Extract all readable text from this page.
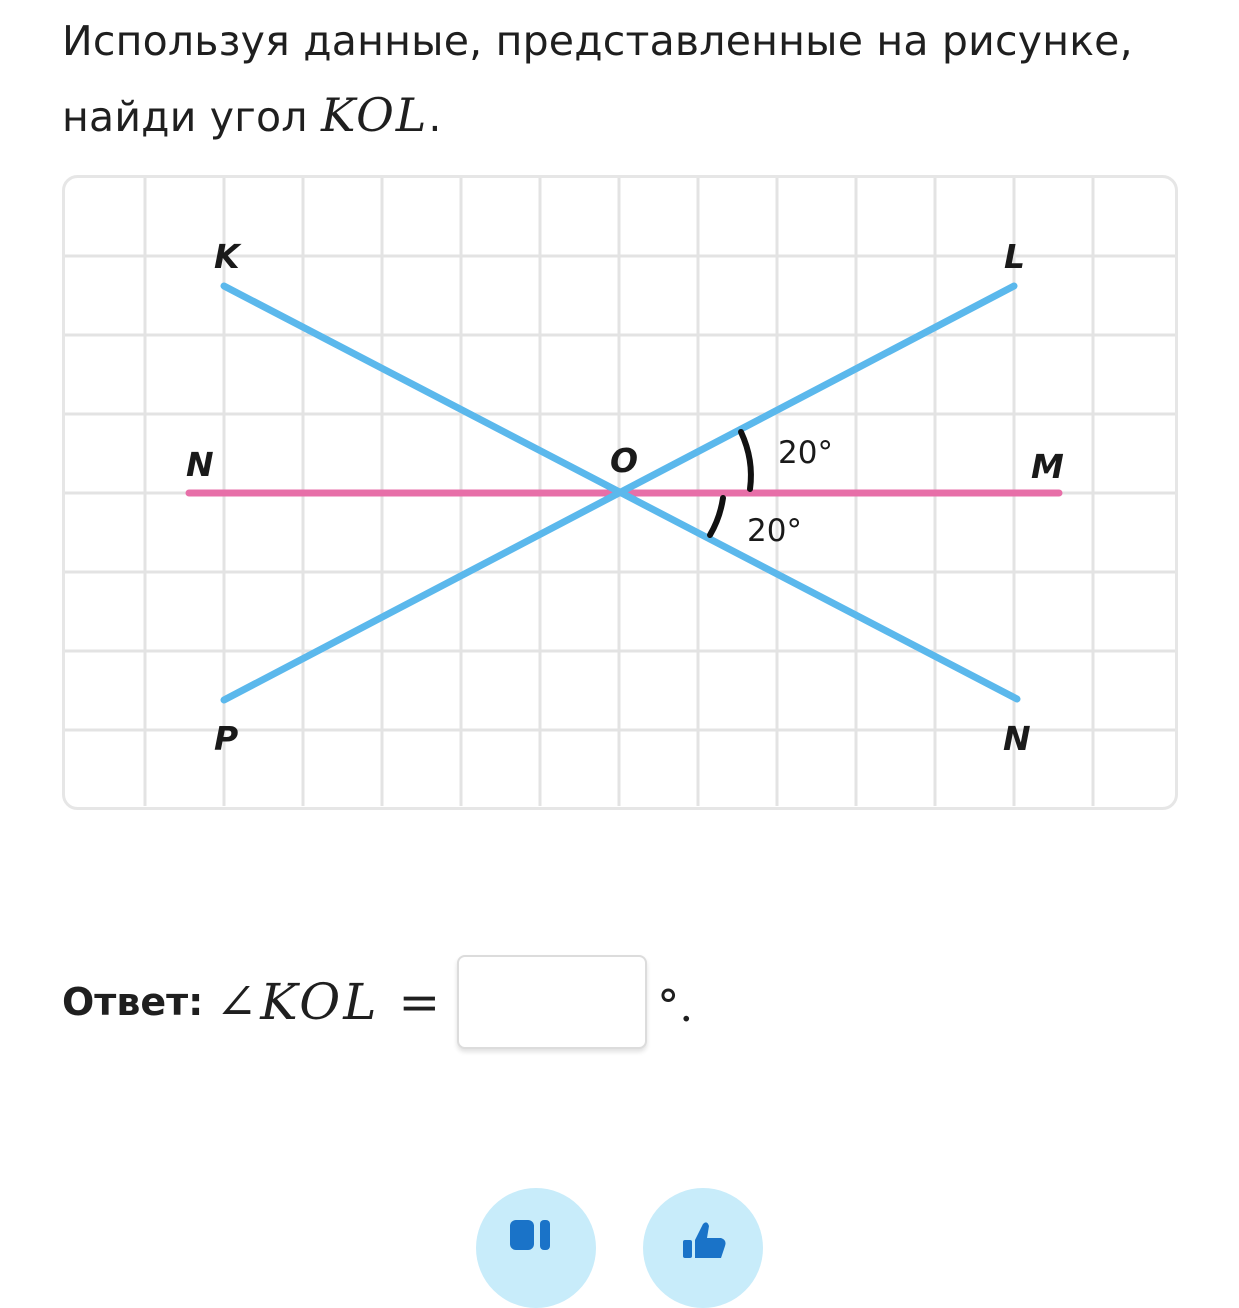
Используя данные, представленные на рисунке, найди угол KOL.

K	L
N	O	M
P	N
20°
20°
Ответ: ∠KOL =	°.
